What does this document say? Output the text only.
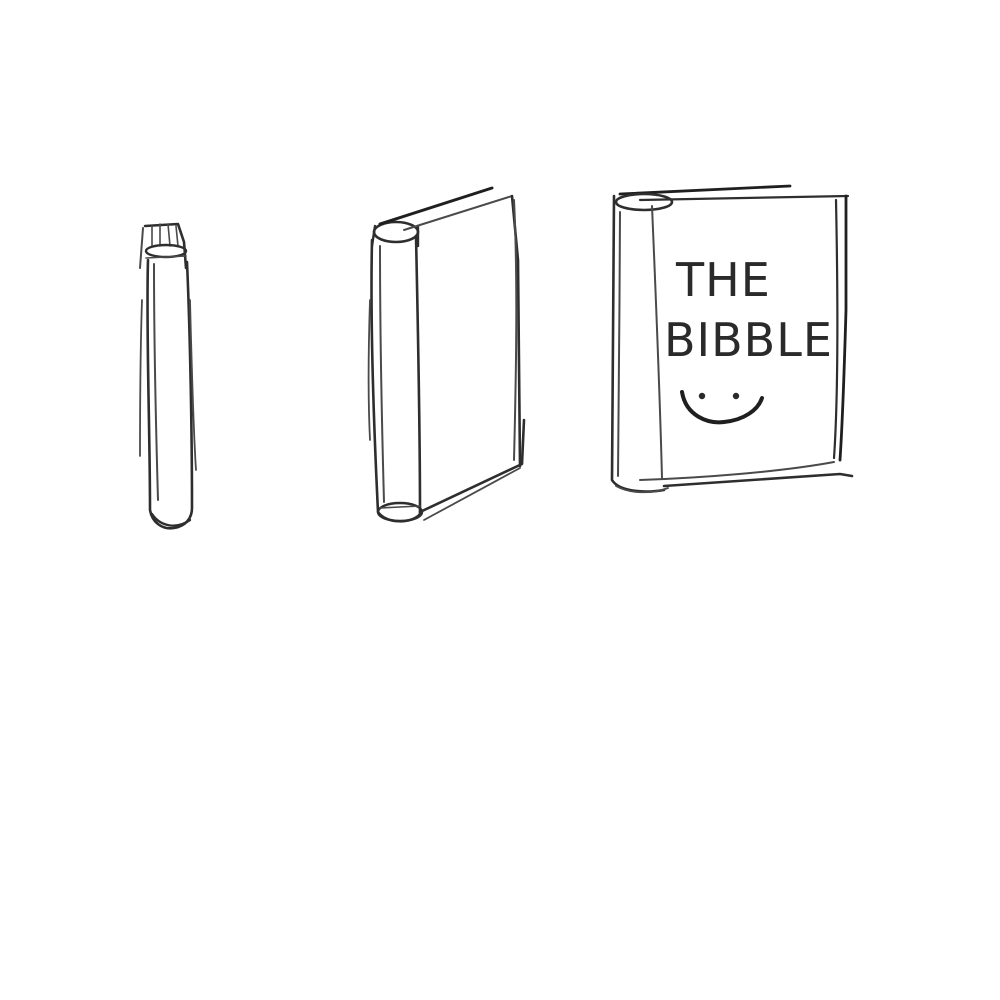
THE
BIBBLE
